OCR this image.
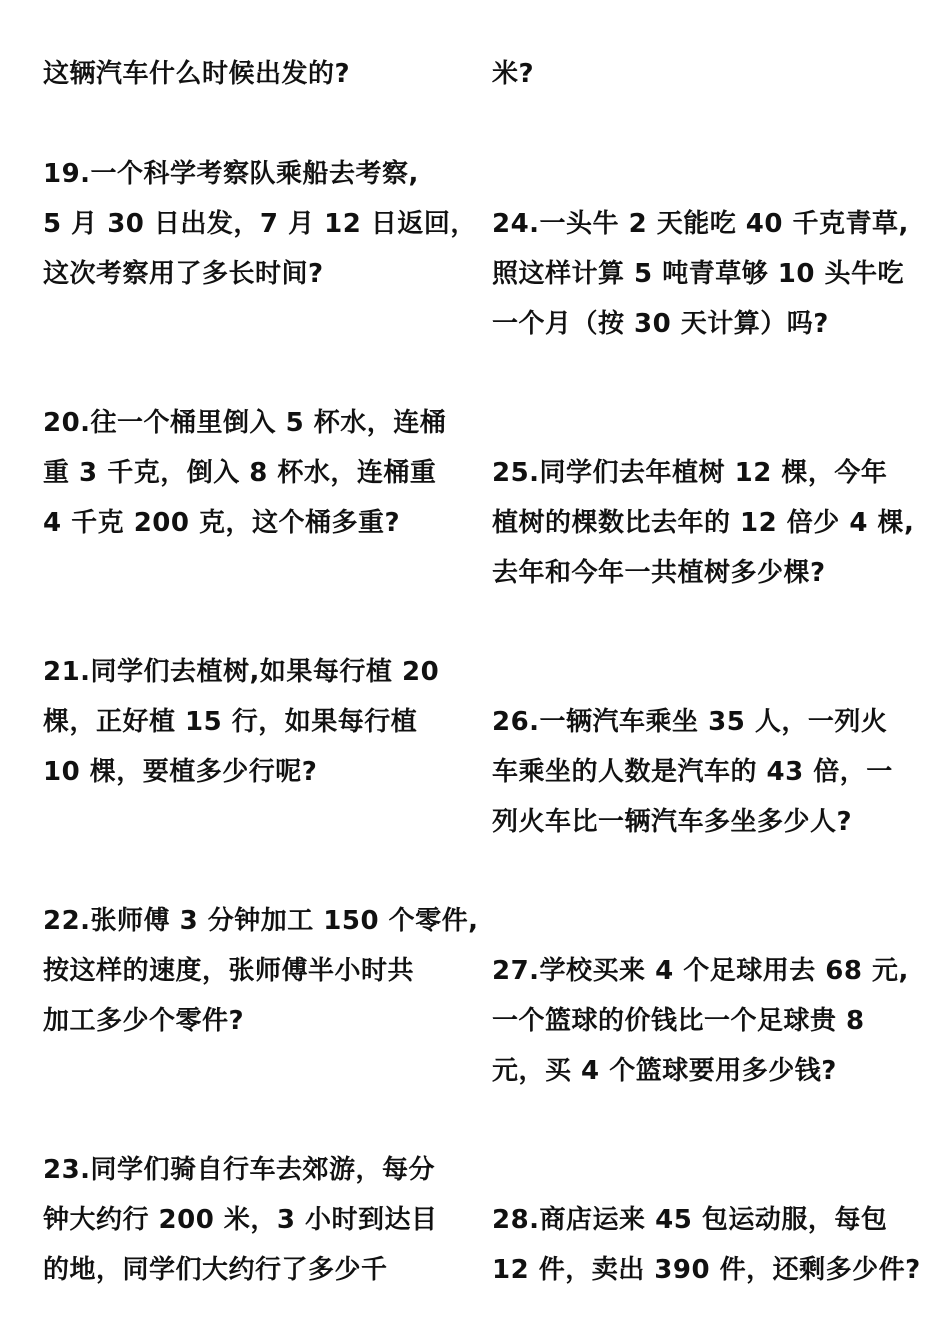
这辆汽车什么时候出发的?
19.一个科学考察队乘船去考察,
5 月 30 日出发，7 月 12 日返回，
这次考察用了多长时间?
20.往一个桶里倒入 5 杯水，连桶
重 3 千克，倒入 8 杯水，连桶重
4 千克 200 克，这个桶多重?
21.同学们去植树,如果每行植 20
棵，正好植 15 行，如果每行植
10 棵，要植多少行呢?
22.张师傅 3 分钟加工 150 个零件,
按这样的速度，张师傅半小时共
加工多少个零件?
23.同学们骑自行车去郊游，每分
钟大约行 200 米，3 小时到达目
的地，同学们大约行了多少千
米?
24.一头牛 2 天能吃 40 千克青草,
照这样计算 5 吨青草够 10 头牛吃
一个月（按 30 天计算）吗?
25.同学们去年植树 12 棵，今年
植树的棵数比去年的 12 倍少 4 棵,
去年和今年一共植树多少棵?
26.一辆汽车乘坐 35 人，一列火
车乘坐的人数是汽车的 43 倍，一
列火车比一辆汽车多坐多少人?
27.学校买来 4 个足球用去 68 元,
一个篮球的价钱比一个足球贵 8
元，买 4 个篮球要用多少钱?
28.商店运来 45 包运动服，每包
12 件，卖出 390 件，还剩多少件?
